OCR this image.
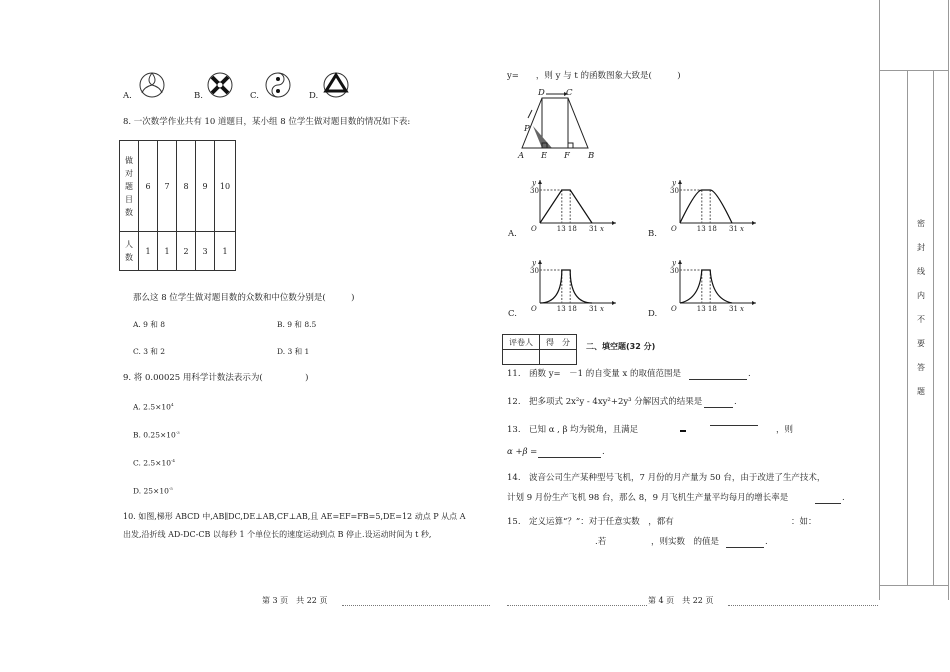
A.	B.	C.	D.
8. 一次数学作业共有 10 道题目，某小组 8 位学生做对题目数的情况如下表:
做对题目数	6	7	8	9	10

人数	1	1	2	3	1
那么这 8 位学生做对题目数的众数和中位数分别是(　　　)
A. 9 和 8	B. 9 和 8.5
C. 3 和 2	D. 3 和 1
9. 将 0.00025 用科学计数法表示为(　　　　　)
A. $2.5\times 10^4$
B. $0.25\times 10^{-3}$
C. $2.5\times 10^{-4}$
D. $25\times 10^{-5}$
10. 如图,梯形 ABCD 中,AB∥DC,DE⊥AB,CF⊥AB,且 AE=EF=FB=5,DE=12 动点 P 从点 A
出发,沿折线 AD-DC-CB 以每秒 1 个单位长的速度运动到点 B 停止.设运动时间为 t 秒,
第 3 页　共 22 页
y=　　，则 y 与 t 的函数图象大致是(　　　)
D C
P
A E F B
A.
y
30
O	13 18 31 x	B.
y
30
O	13 18 31 x
C.
y
30
O	13 18 31 x	D.
y
30
O	13 18 31 x
评卷人	得　分
	二、填空题(32 分)
11.　函数 y=　 －1 的自变量 x 的取值范围是	.
12.　把多项式 2x²y - 4xy²+2y³ 分解因式的结果是	.
13.　已知 α , β 均为锐角，且满足	，则
α +β =	.
14.　波音公司生产某种型号飞机，7 月份的月产量为 50 台，由于改进了生产技术，
计划 9 月份生产飞机 98 台，那么 8，9 月飞机生产量平均每月的增长率是	.
15.　定义运算“？”：对于任意实数　，都有	：如：
.若	，则实数　的值是	.
第 4 页　共 22 页
密
封
线
内
不
要
答
题
